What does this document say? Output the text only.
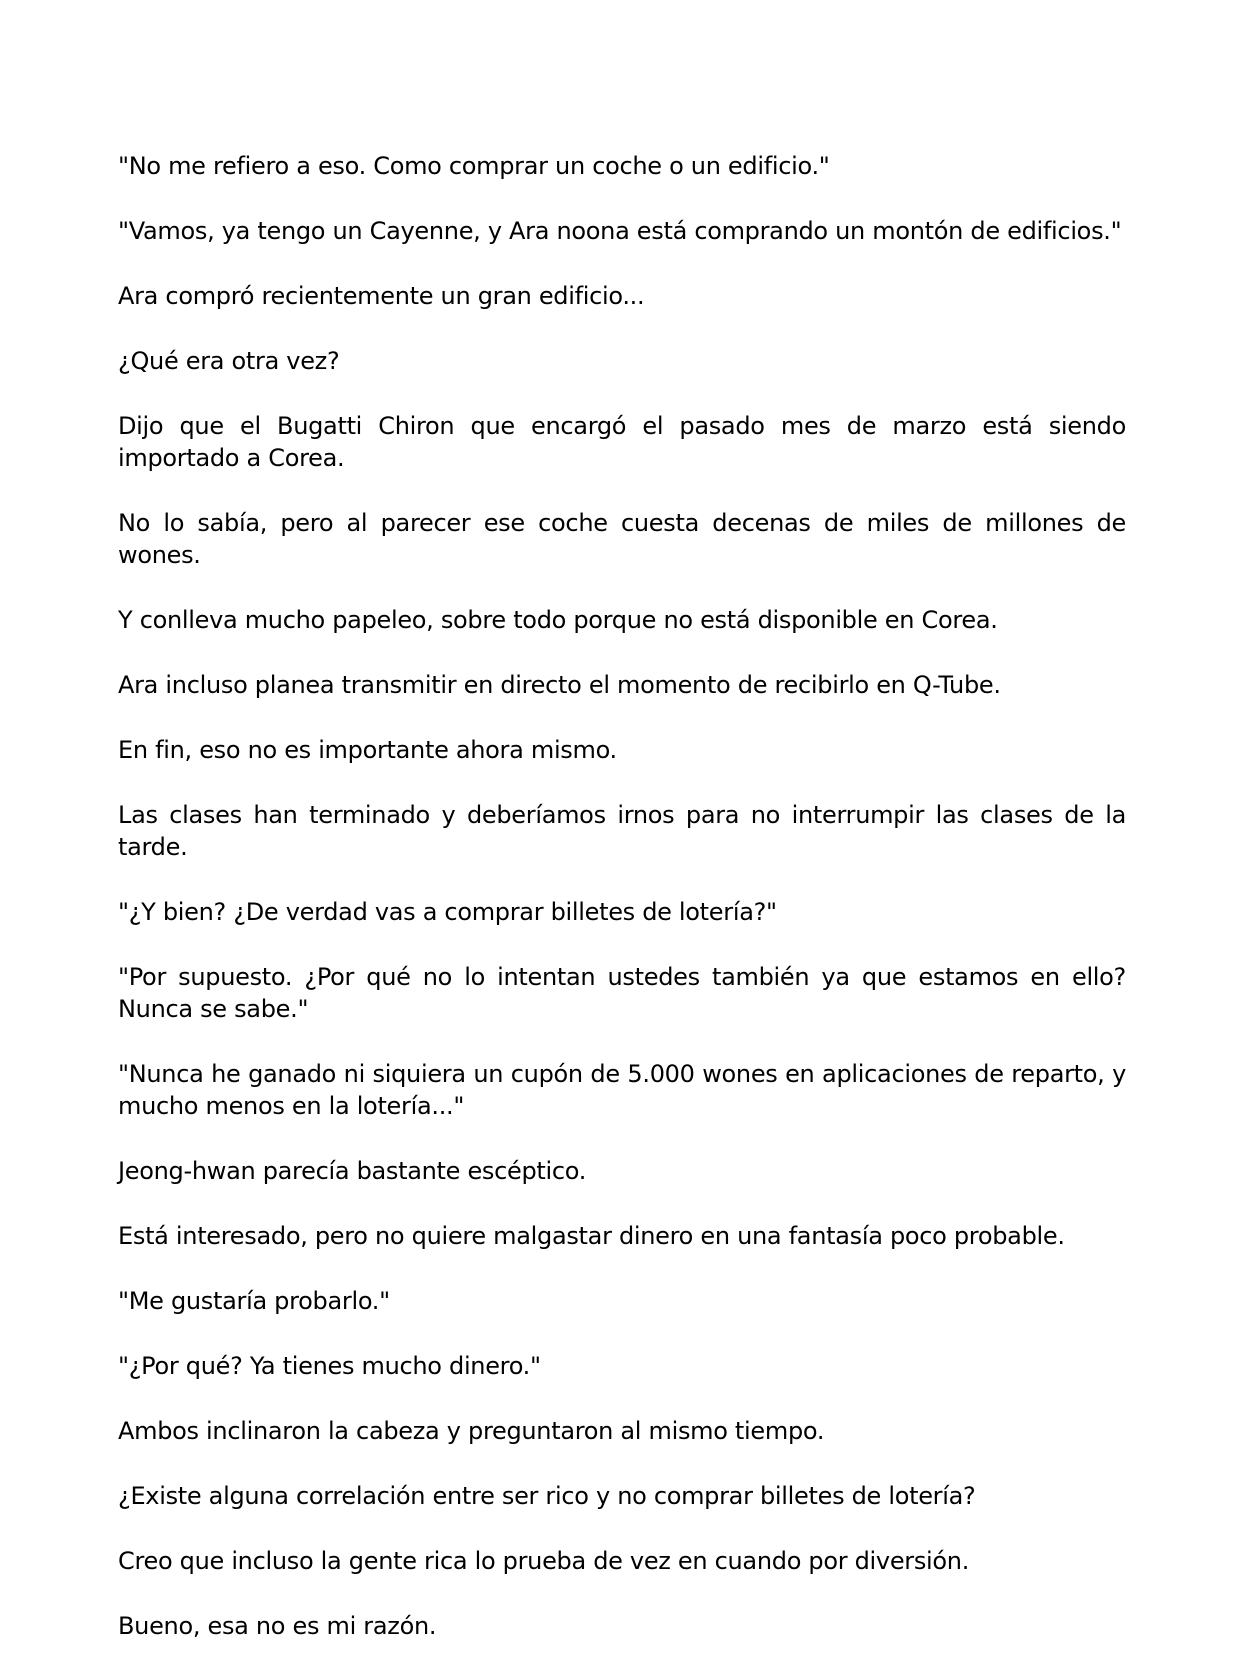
"No me refiero a eso. Como comprar un coche o un edificio."

"Vamos, ya tengo un Cayenne, y Ara noona está comprando un montón de edificios."

Ara compró recientemente un gran edificio...

¿Qué era otra vez?

Dijo que el Bugatti Chiron que encargó el pasado mes de marzo está siendo importado a Corea.

No lo sabía, pero al parecer ese coche cuesta decenas de miles de millones de wones.

Y conlleva mucho papeleo, sobre todo porque no está disponible en Corea.

Ara incluso planea transmitir en directo el momento de recibirlo en Q-Tube.

En fin, eso no es importante ahora mismo.

Las clases han terminado y deberíamos irnos para no interrumpir las clases de la tarde.

"¿Y bien? ¿De verdad vas a comprar billetes de lotería?"

"Por supuesto. ¿Por qué no lo intentan ustedes también ya que estamos en ello? Nunca se sabe."

"Nunca he ganado ni siquiera un cupón de 5.000 wones en aplicaciones de reparto, y mucho menos en la lotería..."

Jeong-hwan parecía bastante escéptico.

Está interesado, pero no quiere malgastar dinero en una fantasía poco probable.

"Me gustaría probarlo."

"¿Por qué? Ya tienes mucho dinero."

Ambos inclinaron la cabeza y preguntaron al mismo tiempo.

¿Existe alguna correlación entre ser rico y no comprar billetes de lotería?

Creo que incluso la gente rica lo prueba de vez en cuando por diversión.

Bueno, esa no es mi razón.
